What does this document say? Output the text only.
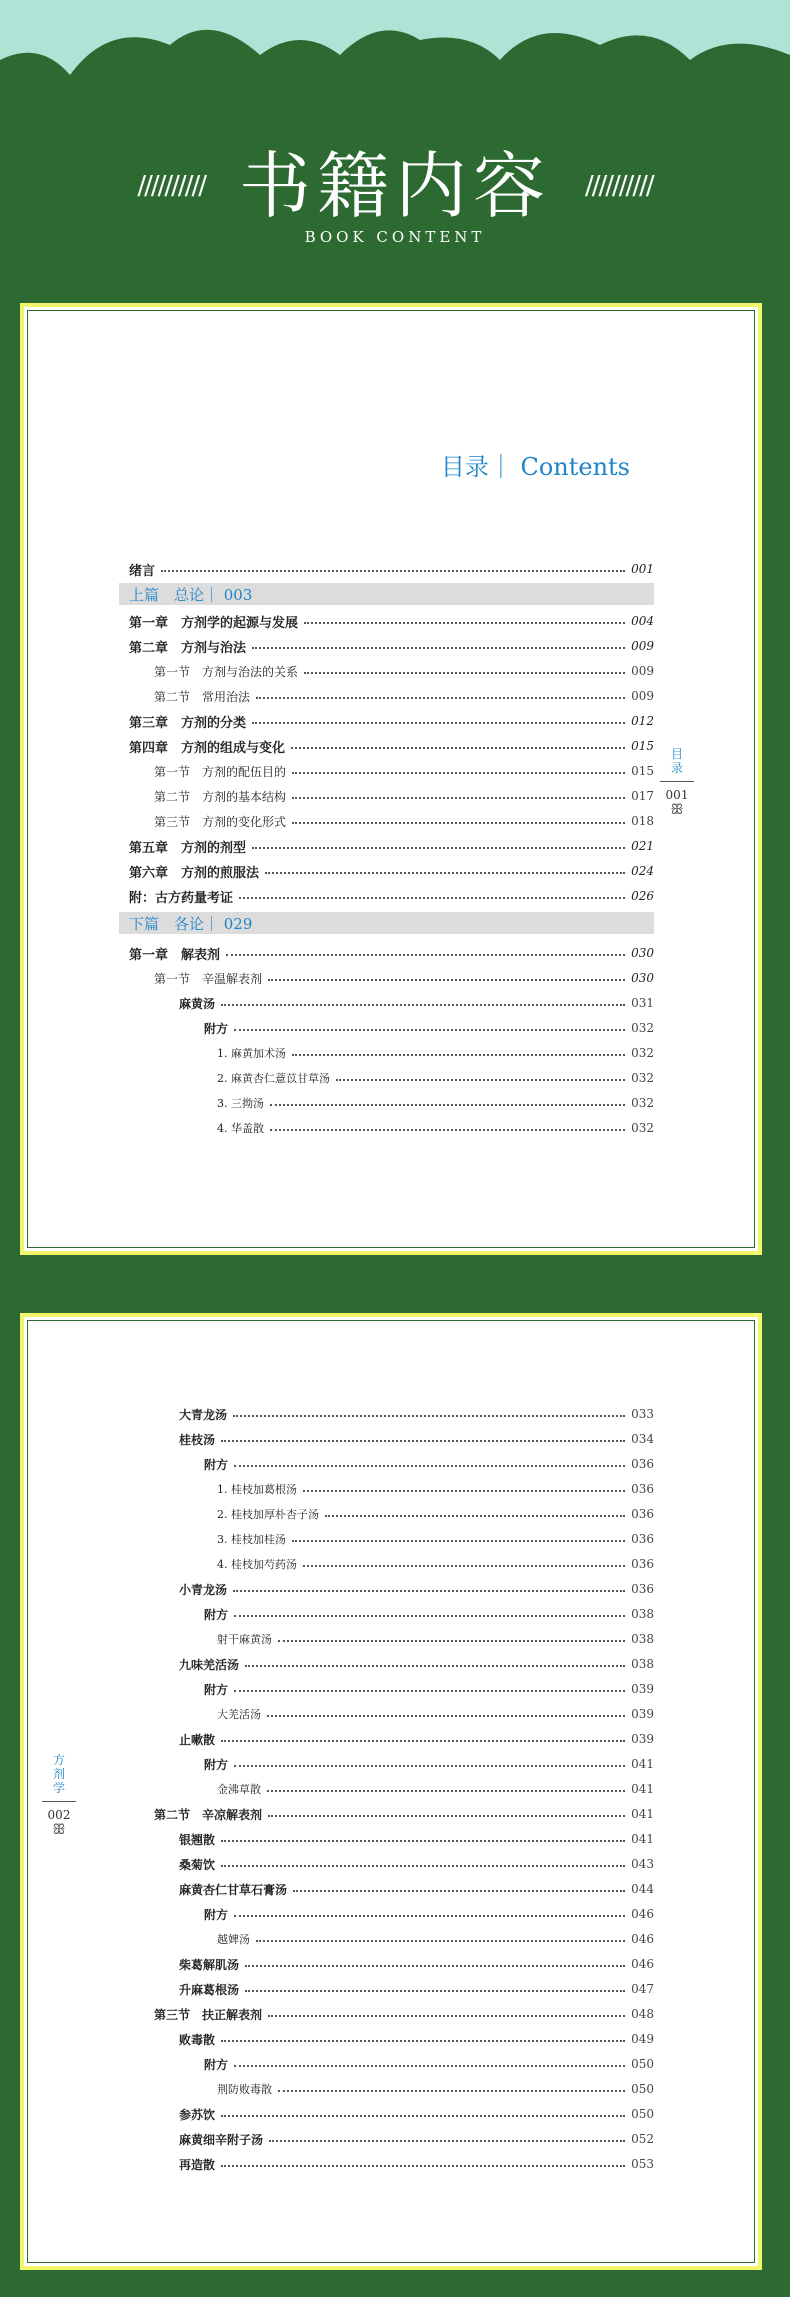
////////// 书籍内容 //////////
BOOK CONTENT
目录｜ Contents
绪言	001
上篇　总论｜ 003
第一章　方剂学的起源与发展	004
第二章　方剂与治法	009
第一节　方剂与治法的关系	009
第二节　常用治法	009
第三章　方剂的分类	012
第四章　方剂的组成与变化	015
第一节　方剂的配伍目的	015
第二节　方剂的基本结构	017
第三节　方剂的变化形式	018
第五章　方剂的剂型	021
第六章　方剂的煎服法	024
附：古方药量考证	026
下篇　各论｜ 029
第一章　解表剂	030
第一节　辛温解表剂	030
麻黄汤	031
附方	032
1. 麻黄加术汤	032
2. 麻黄杏仁薏苡甘草汤	032
3. 三拗汤	032
4. 华盖散	032
目
录
001
ꕥ
大青龙汤	033
桂枝汤	034
附方	036
1. 桂枝加葛根汤	036
2. 桂枝加厚朴杏子汤	036
3. 桂枝加桂汤	036
4. 桂枝加芍药汤	036
小青龙汤	036
附方	038
射干麻黄汤	038
九味羌活汤	038
附方	039
大羌活汤	039
止嗽散	039
附方	041
金沸草散	041
第二节　辛凉解表剂	041
银翘散	041
桑菊饮	043
麻黄杏仁甘草石膏汤	044
附方	046
越婢汤	046
柴葛解肌汤	046
升麻葛根汤	047
第三节　扶正解表剂	048
败毒散	049
附方	050
荆防败毒散	050
参苏饮	050
麻黄细辛附子汤	052
再造散	053
方
剂
学
002
ꕥ
